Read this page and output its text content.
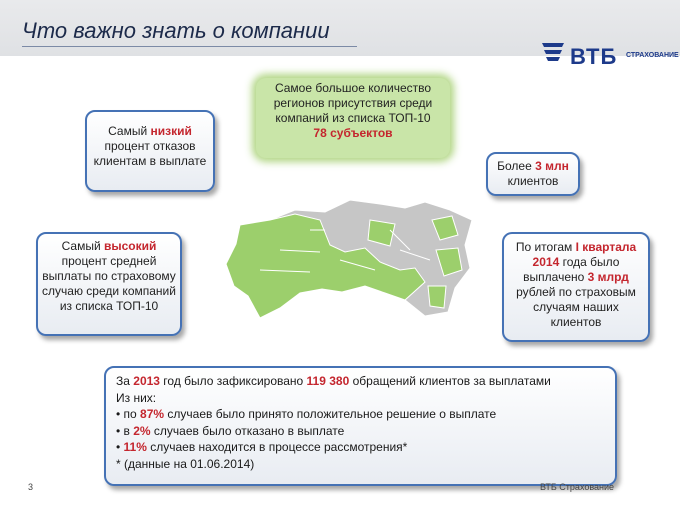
Что важно знать о компании
ВТБ СТРАХОВАНИЕ
Самый низкий процент отказов клиентам в выплате
Самое большое количество регионов присутствия среди компаний из списка ТОП-10
78 субъектов
Более 3 млн клиентов
Самый высокий процент средней выплаты по страховому случаю среди компаний из списка ТОП-10
По итогам I квартала 2014 года было выплачено 3 млрд рублей по страховым случаям наших клиентов
За 2013 год было зафиксировано 119 380 обращений клиентов за выплатами
Из них:
• по 87% случаев было принято положительное решение о выплате
• в 2% случаев было отказано в выплате
• 11% случаев находится в процессе рассмотрения*
* (данные на 01.06.2014)
3	ВТБ Страхование
